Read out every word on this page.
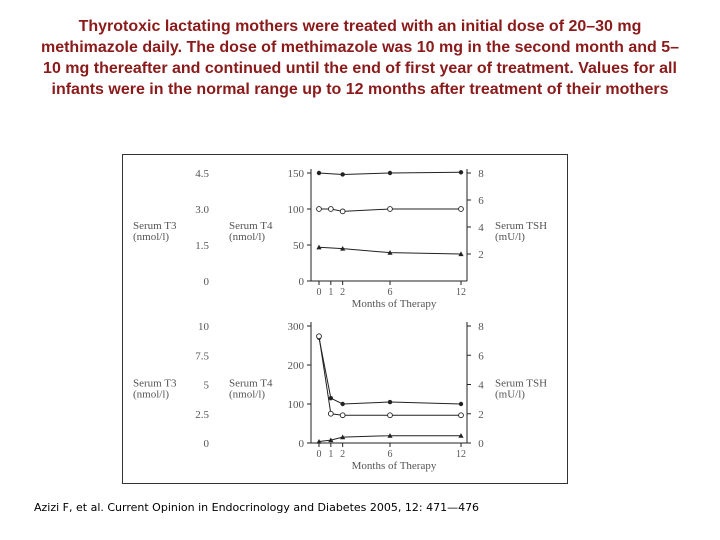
Thyrotoxic lactating mothers were treated with an initial dose of 20–30 mg methimazole daily. The dose of methimazole was 10 mg in the second month and 5–10 mg thereafter and continued until the end of first year of treatment. Values for all infants were in the normal range up to 12 months after treatment of their mothers
0
1.5
3.0
4.5
0
50
100
150
2
4
6
8
0 1 2	6	12
Months of Therapy
Serum T3
(nmol/l)
Serum T4
(nmol/l)
Serum TSH
(mU/l)
0
2.5
5
7.5
10
0
100
200
300
0
2
4
6
8
0 1 2	6	12
Months of Therapy
Serum T3
(nmol/l)
Serum T4
(nmol/l)
Serum TSH
(mU/l)
Azizi F, et al. Current Opinion in Endocrinology and Diabetes 2005, 12: 471—476
